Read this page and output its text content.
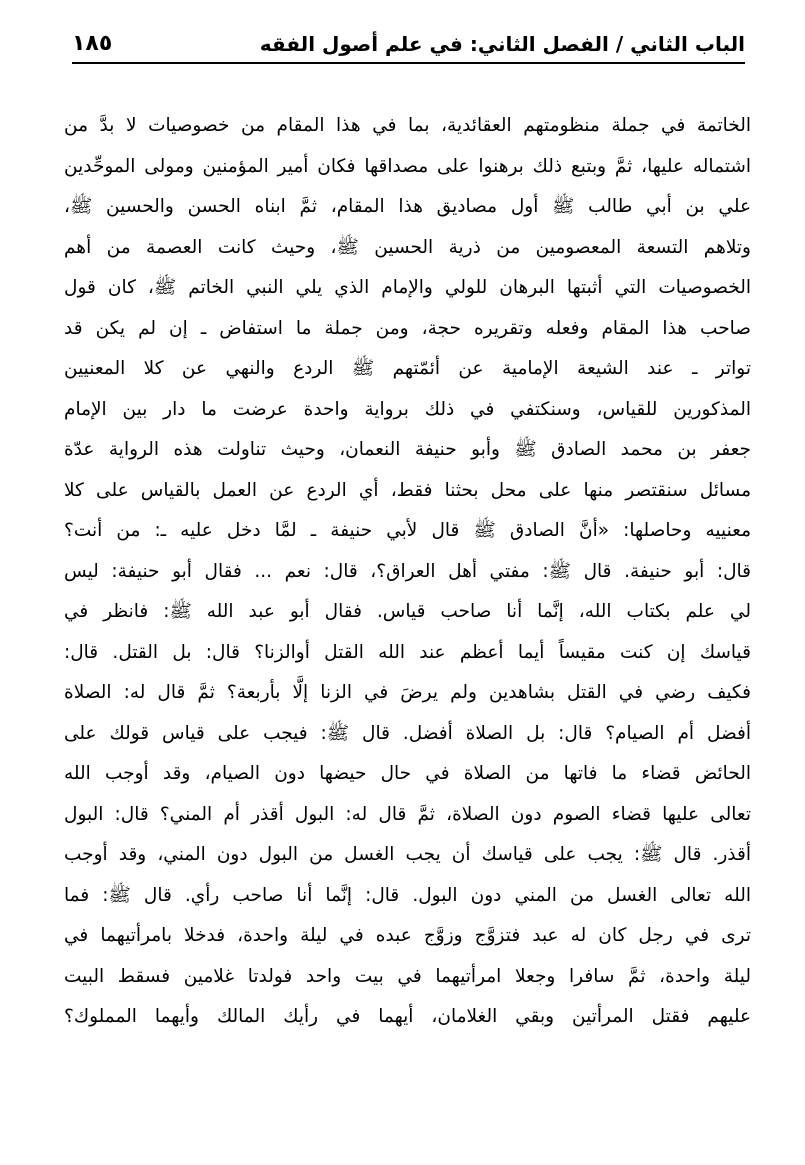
الباب الثاني / الفصل الثاني: في علم أصول الفقه
١٨٥
الخاتمة في جملة منظومتهم العقائدية، بما في هذا المقام من خصوصيات لا بدَّ من
اشتماله عليها، ثمَّ وبتبع ذلك برهنوا على مصداقها فكان أمير المؤمنين ومولى الموحِّدين
علي بن أبي طالب ﷺ أول مصاديق هذا المقام، ثمَّ ابناه الحسن والحسين ﷺ،
وتلاهم التسعة المعصومين من ذرية الحسين ﷺ، وحيث كانت العصمة من أهم
الخصوصيات التي أثبتها البرهان للولي والإمام الذي يلي النبي الخاتم ﷺ، كان قول
صاحب هذا المقام وفعله وتقريره حجة، ومن جملة ما استفاض ـ إن لم يكن قد
تواتر ـ عند الشيعة الإمامية عن أئمّتهم ﷺ الردع والنهي عن كلا المعنيين
المذكورين للقياس، وسنكتفي في ذلك برواية واحدة عرضت ما دار بين الإمام
جعفر بن محمد الصادق ﷺ وأبو حنيفة النعمان، وحيث تناولت هذه الرواية عدّة
مسائل سنقتصر منها على محل بحثنا فقط، أي الردع عن العمل بالقياس على كلا
معنييه وحاصلها: «أنَّ الصادق ﷺ قال لأبي حنيفة ـ لمَّا دخل عليه ـ: من أنت؟
قال: أبو حنيفة. قال ﷺ: مفتي أهل العراق؟، قال: نعم ... فقال أبو حنيفة: ليس
لي علم بكتاب الله، إنَّما أنا صاحب قياس. فقال أبو عبد الله ﷺ: فانظر في
قياسك إن كنت مقيساً أيما أعظم عند الله القتل أوالزنا؟ قال: بل القتل. قال:
فكيف رضي في القتل بشاهدين ولم يرضَ في الزنا إلَّا بأربعة؟ ثمَّ قال له: الصلاة
أفضل أم الصيام؟ قال: بل الصلاة أفضل. قال ﷺ: فيجب على قياس قولك على
الحائض قضاء ما فاتها من الصلاة في حال حيضها دون الصيام، وقد أوجب الله
تعالى عليها قضاء الصوم دون الصلاة، ثمَّ قال له: البول أقذر أم المني؟ قال: البول
أقذر. قال ﷺ: يجب على قياسك أن يجب الغسل من البول دون المني، وقد أوجب
الله تعالى الغسل من المني دون البول. قال: إنَّما أنا صاحب رأي. قال ﷺ: فما
ترى في رجل كان له عبد فتزوَّج وزوَّج عبده في ليلة واحدة، فدخلا بامرأتيهما في
ليلة واحدة، ثمَّ سافرا وجعلا امرأتيهما في بيت واحد فولدتا غلامين فسقط البيت
عليهم فقتل المرأتين وبقي الغلامان، أيهما في رأيك المالك وأيهما المملوك؟
